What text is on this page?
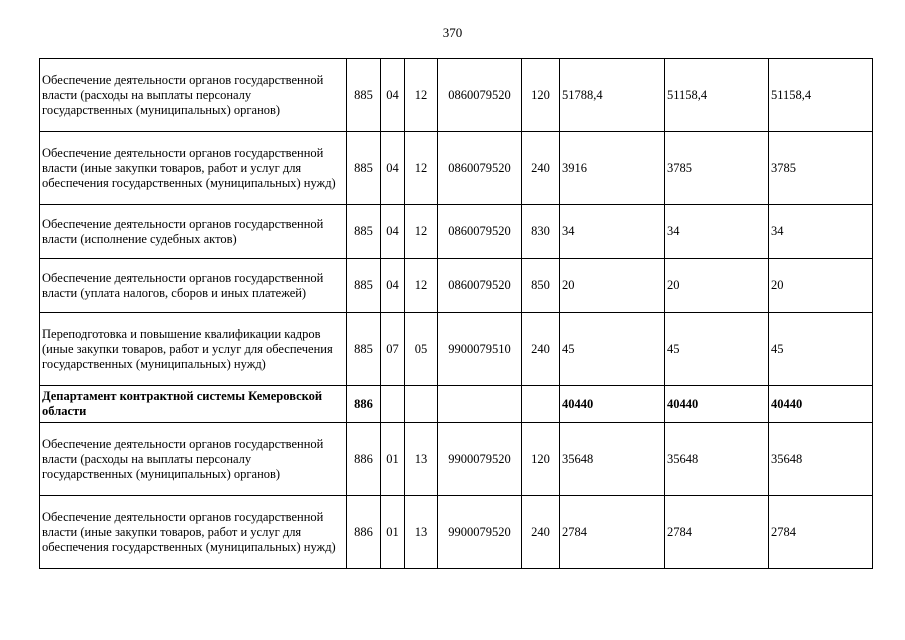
370
Обеспечение деятельности органов государственной власти (расходы на выплаты персоналу государственных (муниципальных) органов)	885	04	12	0860079520	120	51788,4	51158,4	51158,4
Обеспечение деятельности органов государственной власти (иные закупки товаров, работ и услуг для обеспечения государственных (муниципальных) нужд)	885	04	12	0860079520	240	3916	3785	3785
Обеспечение деятельности органов государственной власти (исполнение судебных актов)	885	04	12	0860079520	830	34	34	34
Обеспечение деятельности органов государственной власти (уплата налогов, сборов и иных платежей)	885	04	12	0860079520	850	20	20	20
Переподготовка и повышение квалификации кадров (иные закупки товаров, работ и услуг для обеспечения государственных (муниципальных) нужд)	885	07	05	9900079510	240	45	45	45
Департамент контрактной системы Кемеровской области	886					40440	40440	40440
Обеспечение деятельности органов государственной власти (расходы на выплаты персоналу государственных (муниципальных) органов)	886	01	13	9900079520	120	35648	35648	35648
Обеспечение деятельности органов государственной власти (иные закупки товаров, работ и услуг для обеспечения государственных (муниципальных) нужд)	886	01	13	9900079520	240	2784	2784	2784
